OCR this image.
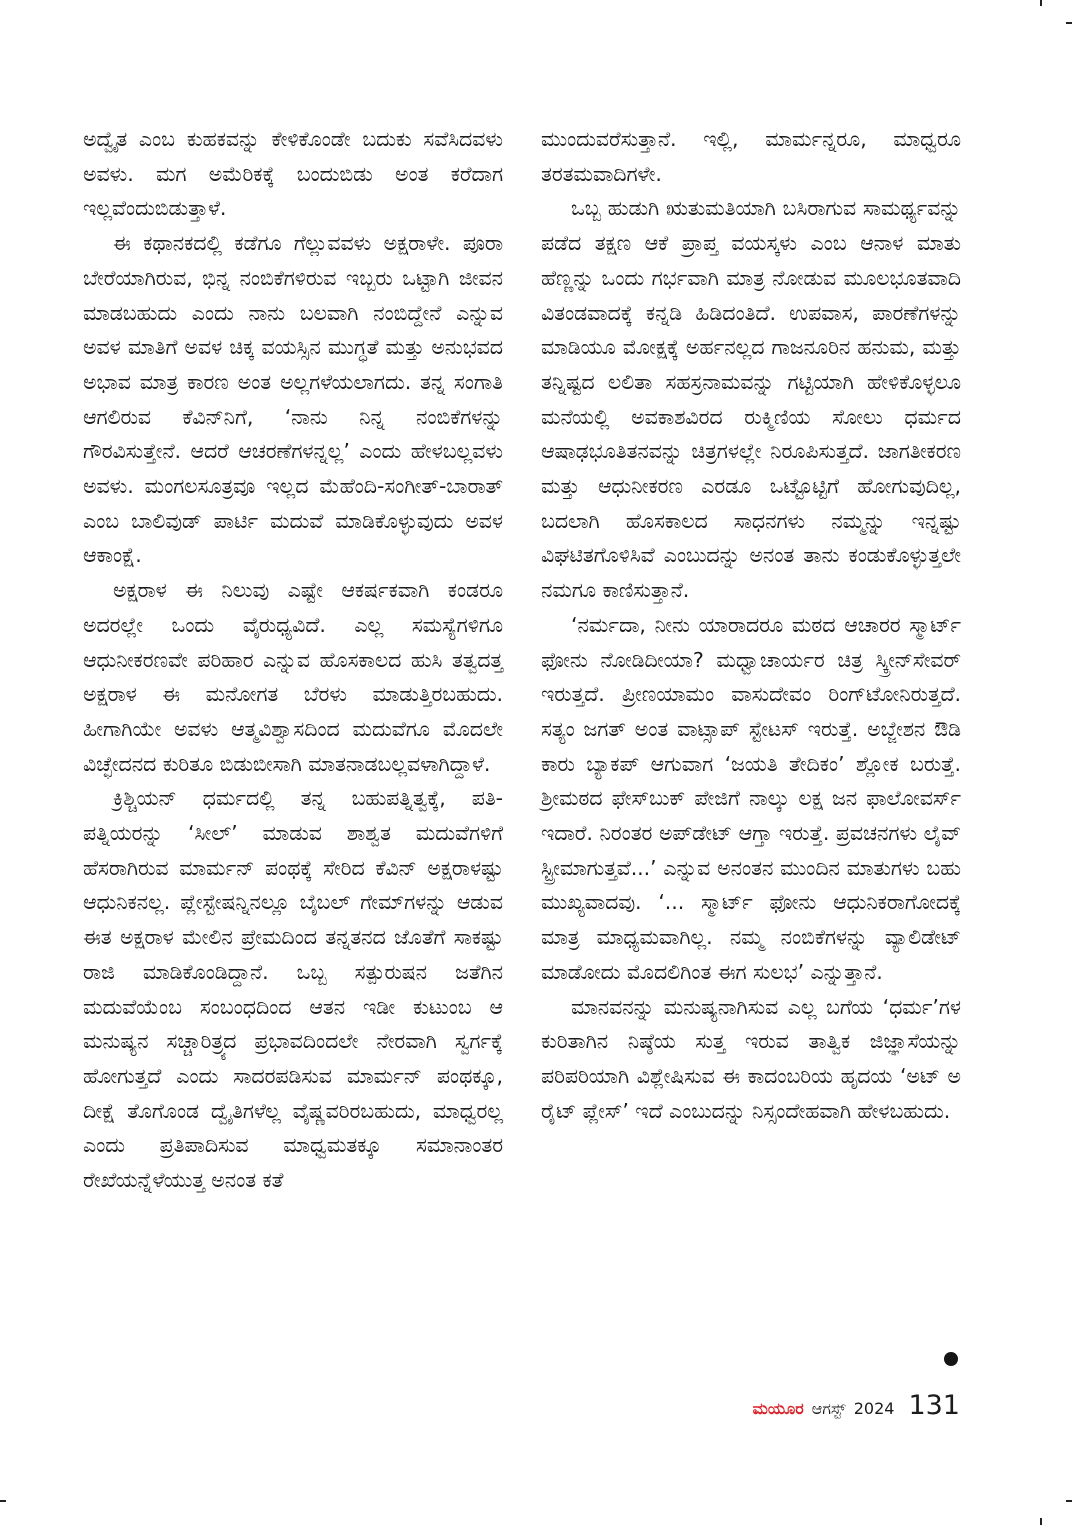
ಅದ್ವೈತ ಎಂಬ ಕುಹಕವನ್ನು ಕೇಳಿಕೊಂಡೇ ಬದುಕು ಸವೆಸಿದವಳು ಅವಳು. ಮಗ ಅಮೆರಿಕಕ್ಕೆ ಬಂದುಬಿಡು ಅಂತ ಕರೆದಾಗ ಇಲ್ಲವೆಂದುಬಿಡುತ್ತಾಳೆ.

ಈ ಕಥಾನಕದಲ್ಲಿ ಕಡೆಗೂ ಗೆಲ್ಲುವವಳು ಅಕ್ಷರಾಳೇ. ಪೂರಾ ಬೇರೆಯಾಗಿರುವ, ಭಿನ್ನ ನಂಬಿಕೆಗಳಿರುವ ಇಬ್ಬರು ಒಟ್ಟಾಗಿ ಜೀವನ ಮಾಡಬಹುದು ಎಂದು ನಾನು ಬಲವಾಗಿ ನಂಬಿದ್ದೇನೆ ಎನ್ನುವ ಅವಳ ಮಾತಿಗೆ ಅವಳ ಚಿಕ್ಕ ವಯಸ್ಸಿನ ಮುಗ್ಧತೆ ಮತ್ತು ಅನುಭವದ ಅಭಾವ ಮಾತ್ರ ಕಾರಣ ಅಂತ ಅಲ್ಲಗಳೆಯಲಾಗದು. ತನ್ನ ಸಂಗಾತಿ ಆಗಲಿರುವ ಕೆವಿನ್‌ನಿಗೆ, ‘ನಾನು ನಿನ್ನ ನಂಬಿಕೆಗಳನ್ನು ಗೌರವಿಸುತ್ತೇನೆ. ಆದರೆ ಆಚರಣೆಗಳನ್ನಲ್ಲ’ ಎಂದು ಹೇಳಬಲ್ಲವಳು ಅವಳು. ಮಂಗಲಸೂತ್ರವೂ ಇಲ್ಲದ ಮೆಹೆಂದಿ-ಸಂಗೀತ್-ಬಾರಾತ್ ಎಂಬ ಬಾಲಿವುಡ್ ಪಾರ್ಟಿ ಮದುವೆ ಮಾಡಿಕೊಳ್ಳುವುದು ಅವಳ ಆಕಾಂಕ್ಷೆ.

ಅಕ್ಷರಾಳ ಈ ನಿಲುವು ಎಷ್ಟೇ ಆಕರ್ಷಕವಾಗಿ ಕಂಡರೂ ಅದರಲ್ಲೇ ಒಂದು ವೈರುಧ್ಯವಿದೆ. ಎಲ್ಲ ಸಮಸ್ಯೆಗಳಿಗೂ ಆಧುನೀಕರಣವೇ ಪರಿಹಾರ ಎನ್ನುವ ಹೊಸಕಾಲದ ಹುಸಿ ತತ್ವದತ್ತ ಅಕ್ಷರಾಳ ಈ ಮನೋಗತ ಬೆರಳು ಮಾಡುತ್ತಿರಬಹುದು. ಹೀಗಾಗಿಯೇ ಅವಳು ಆತ್ಮವಿಶ್ವಾಸದಿಂದ ಮದುವೆಗೂ ಮೊದಲೇ ವಿಚ್ಛೇದನದ ಕುರಿತೂ ಬಿಡುಬೀಸಾಗಿ ಮಾತನಾಡಬಲ್ಲವಳಾಗಿದ್ದಾಳೆ.

ಕ್ರಿಶ್ಚಿಯನ್ ಧರ್ಮದಲ್ಲಿ ತನ್ನ ಬಹುಪತ್ನಿತ್ವಕ್ಕೆ, ಪತಿ-ಪತ್ನಿಯರನ್ನು ‘ಸೀಲ್’ ಮಾಡುವ ಶಾಶ್ವತ ಮದುವೆಗಳಿಗೆ ಹೆಸರಾಗಿರುವ ಮಾರ್ಮನ್ ಪಂಥಕ್ಕೆ ಸೇರಿದ ಕೆವಿನ್ ಅಕ್ಷರಾಳಷ್ಟು ಆಧುನಿಕನಲ್ಲ. ಪ್ಲೇಸ್ಟೇಷನ್ನಿನಲ್ಲೂ ಬೈಬಲ್ ಗೇಮ್‌ಗಳನ್ನು ಆಡುವ ಈತ ಅಕ್ಷರಾಳ ಮೇಲಿನ ಪ್ರೇಮದಿಂದ ತನ್ನತನದ ಜೊತೆಗೆ ಸಾಕಷ್ಟು ರಾಜಿ ಮಾಡಿಕೊಂಡಿದ್ದಾನೆ. ಒಬ್ಬ ಸತ್ಪುರುಷನ ಜತೆಗಿನ ಮದುವೆಯೆಂಬ ಸಂಬಂಧದಿಂದ ಆತನ ಇಡೀ ಕುಟುಂಬ ಆ ಮನುಷ್ಯನ ಸಚ್ಚಾರಿತ್ರ್ಯದ ಪ್ರಭಾವದಿಂದಲೇ ನೇರವಾಗಿ ಸ್ವರ್ಗಕ್ಕೆ ಹೋಗುತ್ತದೆ ಎಂದು ಸಾದರಪಡಿಸುವ ಮಾರ್ಮನ್ ಪಂಥಕ್ಕೂ, ದೀಕ್ಷೆ ತೊಗೊಂಡ ದ್ವೈತಿಗಳೆಲ್ಲ ವೈಷ್ಣವರಿರಬಹುದು, ಮಾಧ್ವರಲ್ಲ ಎಂದು ಪ್ರತಿಪಾದಿಸುವ ಮಾಧ್ವಮತಕ್ಕೂ ಸಮಾನಾಂತರ ರೇಖೆಯನ್ನೆಳೆಯುತ್ತ ಅನಂತ ಕತೆ

ಮುಂದುವರೆಸುತ್ತಾನೆ. ಇಲ್ಲಿ, ಮಾರ್ಮನ್ನರೂ, ಮಾಧ್ವರೂ ತರತಮವಾದಿಗಳೇ.

ಒಬ್ಬ ಹುಡುಗಿ ಋತುಮತಿಯಾಗಿ ಬಸಿರಾಗುವ ಸಾಮರ್ಥ್ಯವನ್ನು ಪಡೆದ ತಕ್ಷಣ ಆಕೆ ಪ್ರಾಪ್ತ ವಯಸ್ಕಳು ಎಂಬ ಆನಾಳ ಮಾತು ಹೆಣ್ಣನ್ನು ಒಂದು ಗರ್ಭವಾಗಿ ಮಾತ್ರ ನೋಡುವ ಮೂಲಭೂತವಾದಿ ವಿತಂಡವಾದಕ್ಕೆ ಕನ್ನಡಿ ಹಿಡಿದಂತಿದೆ. ಉಪವಾಸ, ಪಾರಣೆಗಳನ್ನು ಮಾಡಿಯೂ ಮೋಕ್ಷಕ್ಕೆ ಅರ್ಹನಲ್ಲದ ಗಾಜನೂರಿನ ಹನುಮ, ಮತ್ತು ತನ್ನಿಷ್ಟದ ಲಲಿತಾ ಸಹಸ್ರನಾಮವನ್ನು ಗಟ್ಟಿಯಾಗಿ ಹೇಳಿಕೊಳ್ಳಲೂ ಮನೆಯಲ್ಲಿ ಅವಕಾಶವಿರದ ರುಕ್ಮಿಣಿಯ ಸೋಲು ಧರ್ಮದ ಆಷಾಢಭೂತಿತನವನ್ನು ಚಿತ್ರಗಳಲ್ಲೇ ನಿರೂಪಿಸುತ್ತದೆ. ಜಾಗತೀಕರಣ ಮತ್ತು ಆಧುನೀಕರಣ ಎರಡೂ ಒಟ್ಟೊಟ್ಟಿಗೆ ಹೋಗುವುದಿಲ್ಲ, ಬದಲಾಗಿ ಹೊಸಕಾಲದ ಸಾಧನಗಳು ನಮ್ಮನ್ನು ಇನ್ನಷ್ಟು ವಿಘಟಿತಗೊಳಿಸಿವೆ ಎಂಬುದನ್ನು ಅನಂತ ತಾನು ಕಂಡುಕೊಳ್ಳುತ್ತಲೇ ನಮಗೂ ಕಾಣಿಸುತ್ತಾನೆ.

‘ನರ್ಮದಾ, ನೀನು ಯಾರಾದರೂ ಮಠದ ಆಚಾರರ ಸ್ಮಾರ್ಟ್ ಫೋನು ನೋಡಿದೀಯಾ? ಮಧ್ವಾಚಾರ್ಯರ ಚಿತ್ರ ಸ್ಕ್ರೀನ್‌ಸೇವರ್ ಇರುತ್ತದೆ. ಪ್ರೀಣಯಾಮಂ ವಾಸುದೇವಂ ರಿಂಗ್‌ಟೋನಿರುತ್ತದೆ. ಸತ್ಯಂ ಜಗತ್ ಅಂತ ವಾಟ್ಸಾಪ್ ಸ್ಟೇಟಸ್ ಇರುತ್ತೆ. ಅಬ್ಜೇಶನ ಔಡಿ ಕಾರು ಬ್ಯಾಕಪ್ ಆಗುವಾಗ ‘ಜಯತಿ ತೇದಿಕಂ’ ಶ್ಲೋಕ ಬರುತ್ತೆ. ಶ್ರೀಮಠದ ಫೇಸ್‌ಬುಕ್ ಪೇಜಿಗೆ ನಾಲ್ಕು ಲಕ್ಷ ಜನ ಫಾಲೋವರ್ಸ್ ಇದಾರೆ. ನಿರಂತರ ಅಪ್‌ಡೇಟ್ ಆಗ್ತಾ ಇರುತ್ತೆ. ಪ್ರವಚನಗಳು ಲೈವ್ ಸ್ಟ್ರೀಮಾಗುತ್ತವೆ...’ ಎನ್ನುವ ಅನಂತನ ಮುಂದಿನ ಮಾತುಗಳು ಬಹು ಮುಖ್ಯವಾದವು. ‘... ಸ್ಮಾರ್ಟ್ ಫೋನು ಆಧುನಿಕರಾಗೋದಕ್ಕೆ ಮಾತ್ರ ಮಾಧ್ಯಮವಾಗಿಲ್ಲ. ನಮ್ಮ ನಂಬಿಕೆಗಳನ್ನು ವ್ಯಾಲಿಡೇಟ್ ಮಾಡೋದು ಮೊದಲಿಗಿಂತ ಈಗ ಸುಲಭ’ ಎನ್ನುತ್ತಾನೆ.

ಮಾನವನನ್ನು ಮನುಷ್ಯನಾಗಿಸುವ ಎಲ್ಲ ಬಗೆಯ ‘ಧರ್ಮ’ಗಳ ಕುರಿತಾಗಿನ ನಿಷ್ಠೆಯ ಸುತ್ತ ಇರುವ ತಾತ್ವಿಕ ಜಿಜ್ಞಾಸೆಯನ್ನು ಪರಿಪರಿಯಾಗಿ ವಿಶ್ಲೇಷಿಸುವ ಈ ಕಾದಂಬರಿಯ ಹೃದಯ ‘ಅಟ್ ಅ ರೈಟ್ ಪ್ಲೇಸ್’ ಇದೆ ಎಂಬುದನ್ನು ನಿಸ್ಸಂದೇಹವಾಗಿ ಹೇಳಬಹುದು.

ಮಯೂರ ಆಗಸ್ಟ್ 2024 131
